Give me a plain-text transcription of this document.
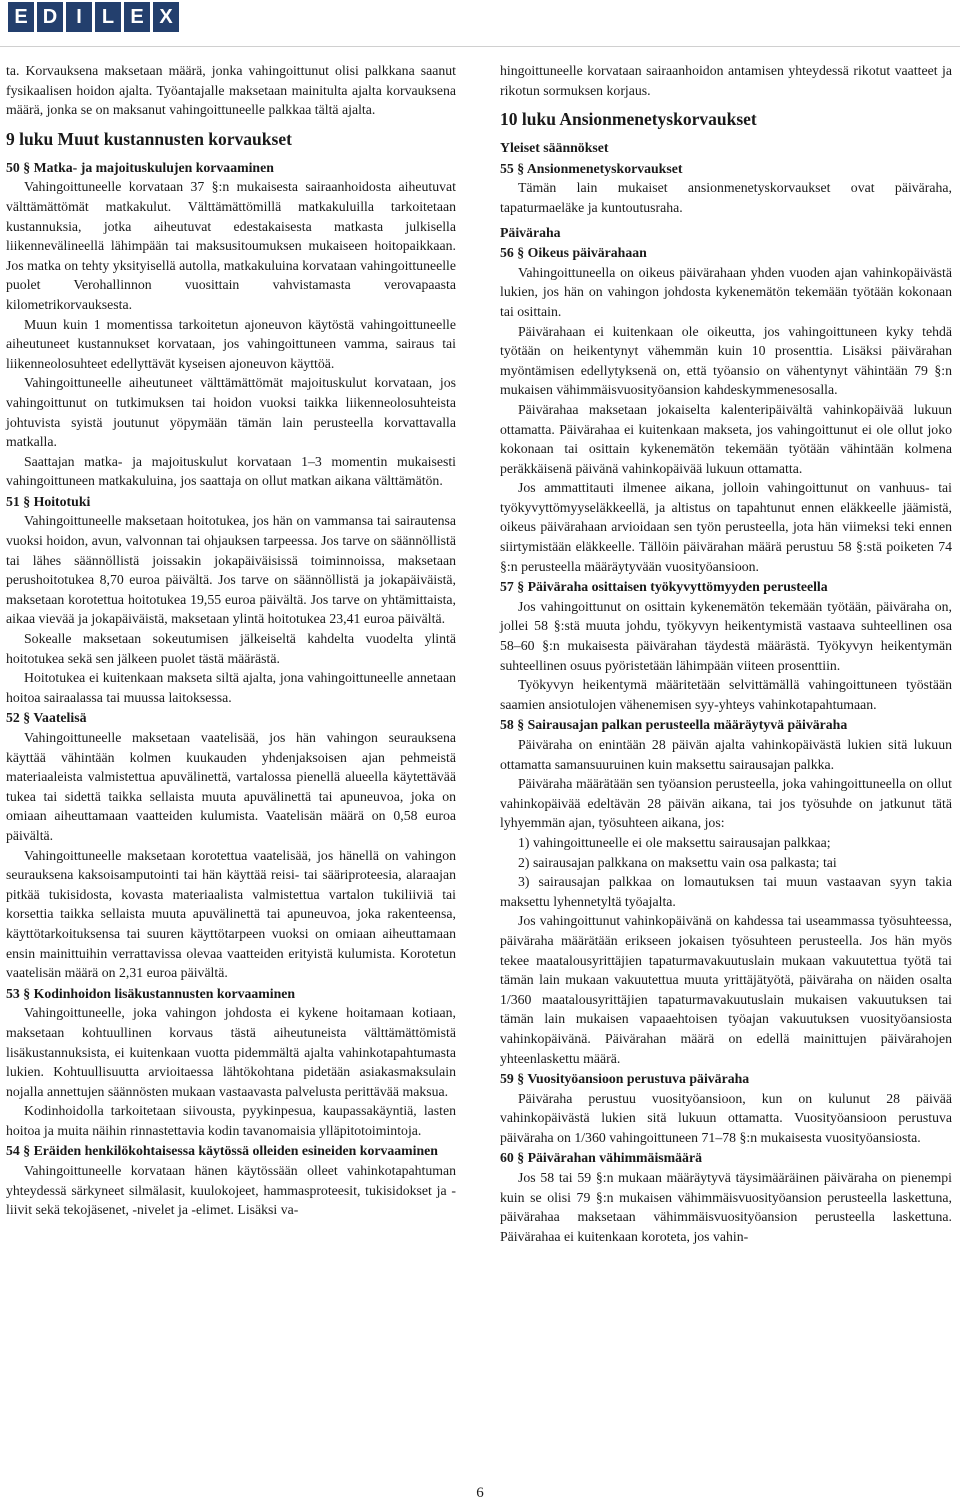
E D I	L E X

ta. Korvauksena maksetaan määrä, jonka vahingoittunut olisi palkkana saanut fysikaalisen hoidon ajalta. Työantajalle maksetaan mainitulta ajalta korvauksena määrä, jonka se on maksanut vahingoittuneelle palkkaa tältä ajalta.

9 luku Muut kustannusten korvaukset
50 § Matka- ja majoituskulujen korvaaminen

Vahingoittuneelle korvataan 37 §:n mukaisesta sairaanhoidosta aiheutuvat välttämättömät matkakulut. Välttämättömillä matkakuluilla tarkoitetaan kustannuksia, jotka aiheutuvat edestakaisesta matkasta julkisella liikennevälineellä lähimpään tai maksusitoumuksen mukaiseen hoitopaikkaan. Jos matka on tehty yksityisellä autolla, matkakuluina korvataan vahingoittuneelle puolet Verohallinnon vuosittain vahvistamasta verovapaasta kilometrikorvauksesta.

Muun kuin 1 momentissa tarkoitetun ajoneuvon käytöstä vahingoittuneelle aiheutuneet kustannukset korvataan, jos vahingoittuneen vamma, sairaus tai liikenneolosuhteet edellyttävät kyseisen ajoneuvon käyttöä.

Vahingoittuneelle aiheutuneet välttämättömät majoituskulut korvataan, jos vahingoittunut on tutkimuksen tai hoidon vuoksi taikka liikenneolosuhteista johtuvista syistä joutunut yöpymään tämän lain perusteella korvattavalla matkalla.

Saattajan matka- ja majoituskulut korvataan 1–3 momentin mukaisesti vahingoittuneen matkakuluina, jos saattaja on ollut matkan aikana välttämätön.

51 § Hoitotuki

Vahingoittuneelle maksetaan hoitotukea, jos hän on vammansa tai sairautensa vuoksi hoidon, avun, valvonnan tai ohjauksen tarpeessa. Jos tarve on säännöllistä tai lähes säännöllistä joissakin jokapäiväisissä toiminnoissa, maksetaan perushoitotukea 8,70 euroa päivältä. Jos tarve on säännöllistä ja jokapäiväistä, maksetaan korotettua hoitotukea 19,55 euroa päivältä. Jos tarve on yhtämittaista, aikaa vievää ja jokapäiväistä, maksetaan ylintä hoitotukea 23,41 euroa päivältä.

Sokealle maksetaan sokeutumisen jälkeiseltä kahdelta vuodelta ylintä hoitotukea sekä sen jälkeen puolet tästä määrästä.

Hoitotukea ei kuitenkaan makseta siltä ajalta, jona vahingoittuneelle annetaan hoitoa sairaalassa tai muussa laitoksessa.

52 § Vaatelisä

Vahingoittuneelle maksetaan vaatelisää, jos hän vahingon seurauksena käyttää vähintään kolmen kuukauden yhdenjaksoisen ajan pehmeistä materiaaleista valmistettua apuvälinettä, vartalossa pienellä alueella käytettävää tukea tai sidettä taikka sellaista muuta apuvälinettä tai apuneuvoa, joka on omiaan aiheuttamaan vaatteiden kulumista. Vaatelisän määrä on 0,58 euroa päivältä.

Vahingoittuneelle maksetaan korotettua vaatelisää, jos hänellä on vahingon seurauksena kaksoisamputointi tai hän käyttää reisi- tai sääriproteesia, alaraajan pitkää tukisidosta, kovasta materiaalista valmistettua vartalon tukiliiviä tai korsettia taikka sellaista muuta apuvälinettä tai apuneuvoa, joka rakenteensa, käyttötarkoituksensa tai suuren käyttötarpeen vuoksi on omiaan aiheuttamaan ensin mainittuihin verrattavissa olevaa vaatteiden erityistä kulumista. Korotetun vaatelisän määrä on 2,31 euroa päivältä.

53 § Kodinhoidon lisäkustannusten korvaaminen

Vahingoittuneelle, joka vahingon johdosta ei kykene hoitamaan kotiaan, maksetaan kohtuullinen korvaus tästä aiheutuneista välttämättömistä lisäkustannuksista, ei kuitenkaan vuotta pidemmältä ajalta vahinkotapahtumasta lukien. Kohtuullisuutta arvioitaessa lähtökohtana pidetään asiakasmaksulain nojalla annettujen säännösten mukaan vastaavasta palvelusta perittävää maksua.

Kodinhoidolla tarkoitetaan siivousta, pyykinpesua, kaupassakäyntiä, lasten hoitoa ja muita näihin rinnastettavia kodin tavanomaisia ylläpitotoimintoja.

54 § Eräiden henkilökohtaisessa käytössä olleiden esineiden korvaaminen

Vahingoittuneelle korvataan hänen käytössään olleet vahinkotapahtuman yhteydessä särkyneet silmälasit, kuulokojeet, hammasproteesit, tukisidokset ja -liivit sekä tekojäsenet, -nivelet ja -elimet. Lisäksi va-

hingoittuneelle korvataan sairaanhoidon antamisen yhteydessä rikotut vaatteet ja rikotun sormuksen korjaus.

10 luku Ansionmenetyskorvaukset
Yleiset säännökset
55 § Ansionmenetyskorvaukset

Tämän lain mukaiset ansionmenetyskorvaukset ovat päiväraha, tapaturmaeläke ja kuntoutusraha.

Päiväraha
56 § Oikeus päivärahaan

Vahingoittuneella on oikeus päivärahaan yhden vuoden ajan vahinkopäivästä lukien, jos hän on vahingon johdosta kykenemätön tekemään työtään kokonaan tai osittain.

Päivärahaan ei kuitenkaan ole oikeutta, jos vahingoittuneen kyky tehdä työtään on heikentynyt vähemmän kuin 10 prosenttia. Lisäksi päivärahan myöntämisen edellytyksenä on, että työansio on vähentynyt vähintään 79 §:n mukaisen vähimmäisvuosityöansion kahdeskymmenesosalla.

Päivärahaa maksetaan jokaiselta kalenteripäivältä vahinkopäivää lukuun ottamatta. Päivärahaa ei kuitenkaan makseta, jos vahingoittunut ei ole ollut joko kokonaan tai osittain kykenemätön tekemään työtään vähintään kolmena peräkkäisenä päivänä vahinkopäivää lukuun ottamatta.

Jos ammattitauti ilmenee aikana, jolloin vahingoittunut on vanhuus- tai työkyvyttömyyseläkkeellä, ja altistus on tapahtunut ennen eläkkeelle jäämistä, oikeus päivärahaan arvioidaan sen työn perusteella, jota hän viimeksi teki ennen siirtymistään eläkkeelle. Tällöin päivärahan määrä perustuu 58 §:stä poiketen 74 §:n perusteella määräytyvään vuosityöansioon.

57 § Päiväraha osittaisen työkyvyttömyyden perusteella

Jos vahingoittunut on osittain kykenemätön tekemään työtään, päiväraha on, jollei 58 §:stä muuta johdu, työkyvyn heikentymistä vastaava suhteellinen osa 58–60 §:n mukaisesta päivärahan täydestä määrästä. Työkyvyn heikentymän suhteellinen osuus pyöristetään lähimpään viiteen prosenttiin.

Työkyvyn heikentymä määritetään selvittämällä vahingoittuneen työstään saamien ansiotulojen vähenemisen syy-yhteys vahinkotapahtumaan.

58 § Sairausajan palkan perusteella määräytyvä päiväraha

Päiväraha on enintään 28 päivän ajalta vahinkopäivästä lukien sitä lukuun ottamatta samansuuruinen kuin maksettu sairausajan palkka.

Päiväraha määrätään sen työansion perusteella, joka vahingoittuneella on ollut vahinkopäivää edeltävän 28 päivän aikana, tai jos työsuhde on jatkunut tätä lyhyemmän ajan, työsuhteen aikana, jos:

1) vahingoittuneelle ei ole maksettu sairausajan palkkaa;

2) sairausajan palkkana on maksettu vain osa palkasta; tai

3) sairausajan palkkaa on lomautuksen tai muun vastaavan syyn takia maksettu lyhennetyltä työajalta.

Jos vahingoittunut vahinkopäivänä on kahdessa tai useammassa työsuhteessa, päiväraha määrätään erikseen jokaisen työsuhteen perusteella. Jos hän myös tekee maatalousyrittäjien tapaturmavakuutuslain mukaan vakuutettua työtä tai tämän lain mukaan vakuutettua muuta yrittäjätyötä, päiväraha on näiden osalta 1/360 maatalousyrittäjien tapaturmavakuutuslain mukaisen vakuutuksen tai tämän lain mukaisen vapaaehtoisen työajan vakuutuksen vuosityöansiosta vahinkopäivänä. Päivärahan määrä on edellä mainittujen päivärahojen yhteenlaskettu määrä.

59 § Vuosityöansioon perustuva päiväraha

Päiväraha perustuu vuosityöansioon, kun on kulunut 28 päivää vahinkopäivästä lukien sitä lukuun ottamatta. Vuosityöansioon perustuva päiväraha on 1/360 vahingoittuneen 71–78 §:n mukaisesta vuosityöansiosta.

60 § Päivärahan vähimmäismäärä

Jos 58 tai 59 §:n mukaan määräytyvä täysimääräinen päiväraha on pienempi kuin se olisi 79 §:n mukaisen vähimmäisvuosityöansion perusteella laskettuna, päivärahaa maksetaan vähimmäisvuosityöansion perusteella laskettuna. Päivärahaa ei kuitenkaan koroteta, jos vahin-

6
